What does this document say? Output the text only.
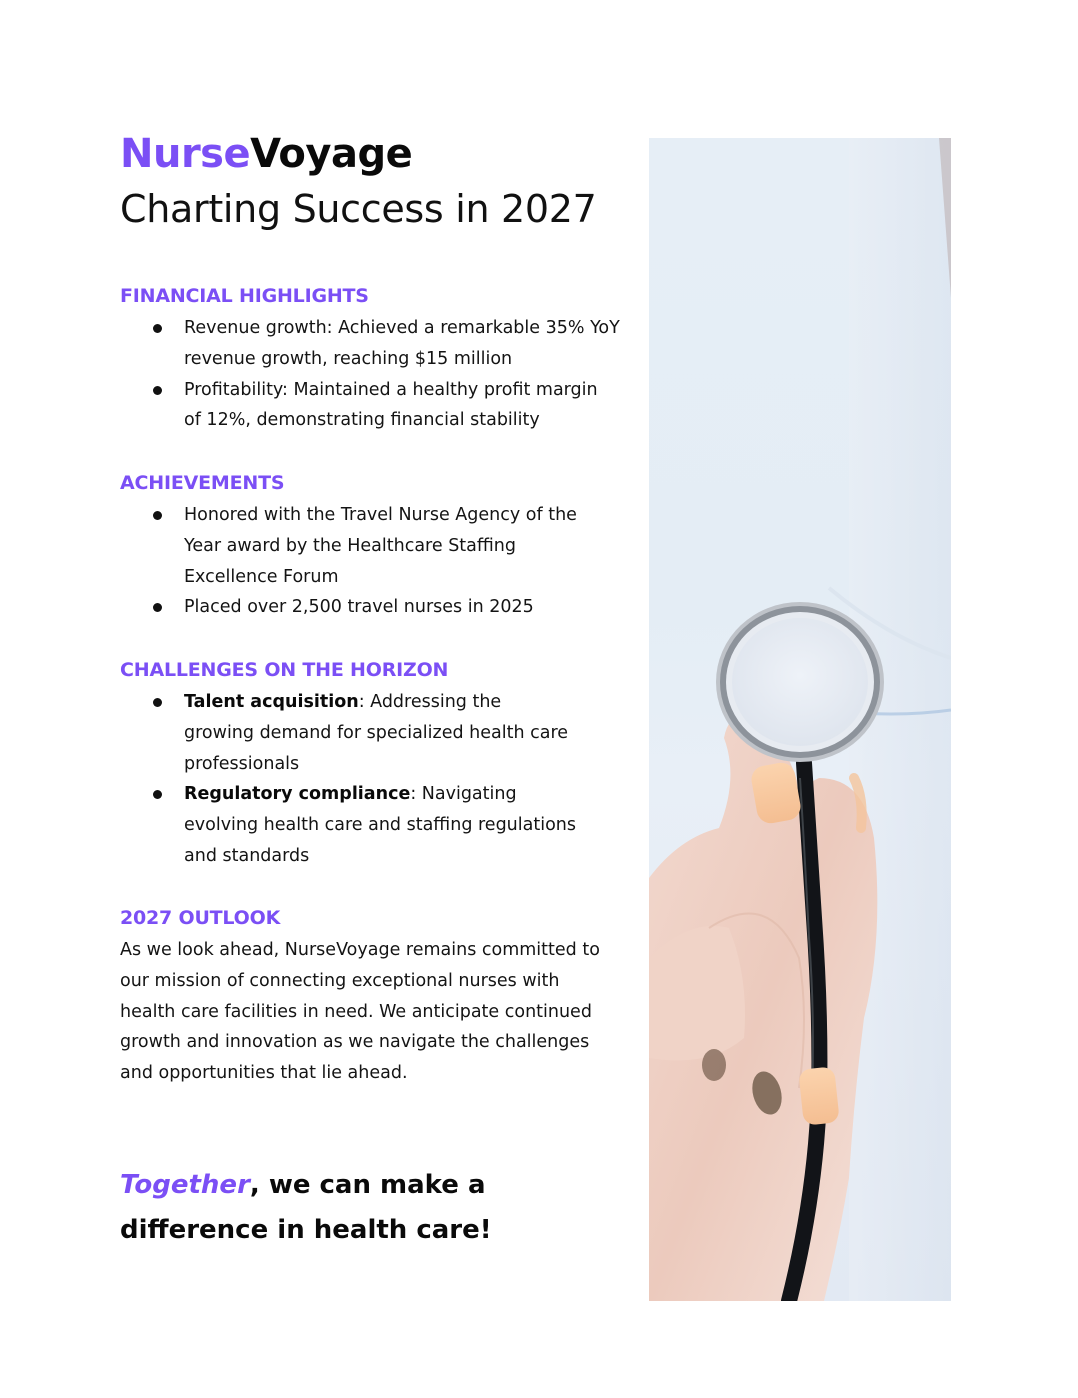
NurseVoyage
Charting Success in 2027
FINANCIAL HIGHLIGHTS
Revenue growth: Achieved a remarkable 35% YoY revenue growth, reaching $15 million
Profitability: Maintained a healthy profit margin of 12%, demonstrating financial stability
ACHIEVEMENTS
Honored with the Travel Nurse Agency of the Year award by the Healthcare Staffing Excellence Forum
Placed over 2,500 travel nurses in 2025
CHALLENGES ON THE HORIZON
Talent acquisition: Addressing the growing demand for specialized health care professionals
Regulatory compliance: Navigating evolving health care and staffing regulations and standards
2027 OUTLOOK

As we look ahead, NurseVoyage remains committed to our mission of connecting exceptional nurses with health care facilities in need. We anticipate continued growth and innovation as we navigate the challenges and opportunities that lie ahead.

Together, we can make a difference in health care!
